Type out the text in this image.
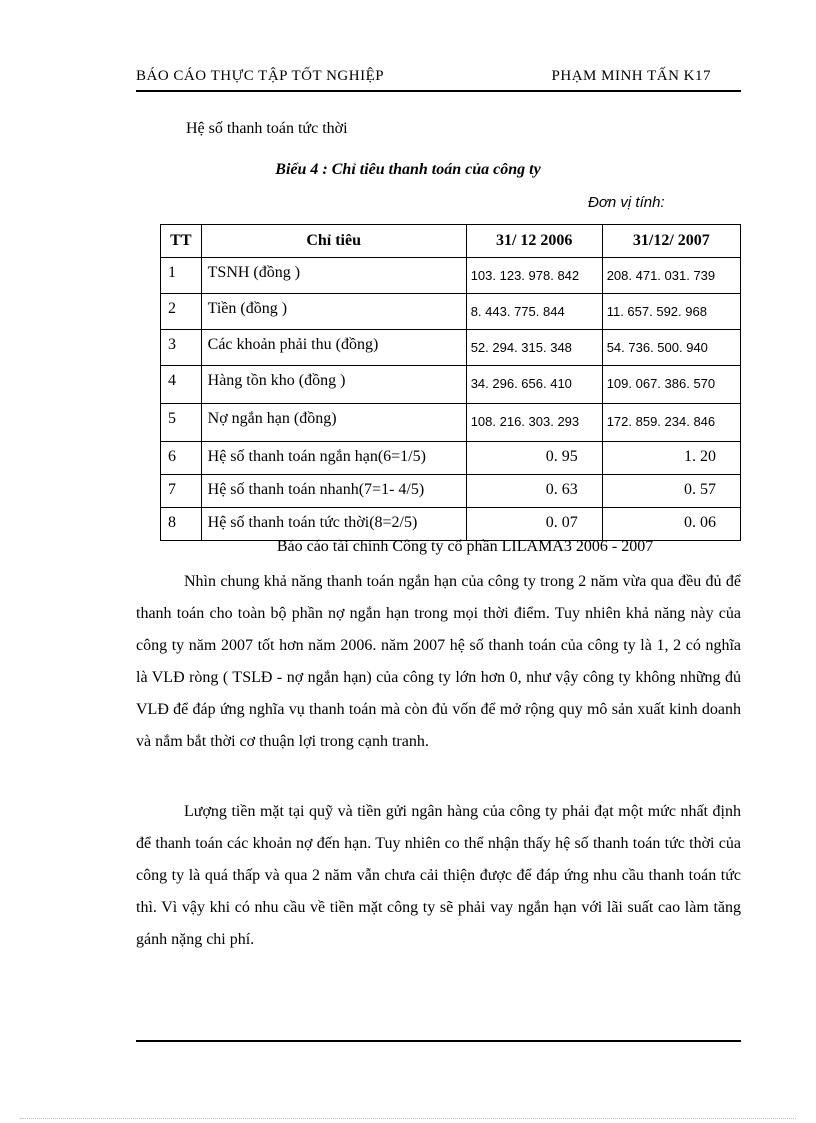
BÁO CÁO THỰC TẬP TỐT NGHIỆP	PHẠM MINH TẤN K17
Hệ số thanh toán tức thời
Biểu 4 : Chỉ tiêu thanh toán của công ty
Đơn vị tính:
TT	Chỉ tiêu	31/ 12 2006	31/12/ 2007
1	TSNH (đồng )	103. 123. 978. 842	208. 471. 031. 739
2	Tiền (đồng )	8. 443. 775. 844	11. 657. 592. 968
3	Các khoản phải thu (đồng)	52. 294. 315. 348	54. 736. 500. 940
4	Hàng tồn kho (đồng )	34. 296. 656. 410	109. 067. 386. 570
5	Nợ ngắn hạn (đồng)	108. 216. 303. 293	172. 859. 234. 846
6	Hệ số thanh toán ngắn hạn(6=1/5)	0. 95	1. 20
7	Hệ số thanh toán nhanh(7=1- 4/5)	0. 63	0. 57
8	Hệ số thanh toán tức thời(8=2/5)	0. 07	0. 06
Báo cáo tài chính Công ty cổ phần LILAMA3 2006 - 2007

Nhìn chung khả năng thanh toán ngắn hạn của công ty trong 2 năm vừa qua đều đủ để thanh toán cho toàn bộ phần nợ ngắn hạn trong mọi thời điểm. Tuy nhiên khả năng này của công ty năm 2007 tốt hơn năm 2006. năm 2007 hệ số thanh toán của công ty là 1, 2 có nghĩa là VLĐ ròng ( TSLĐ - nợ ngắn hạn) của công ty lớn hơn 0, như vậy công ty không những đủ VLĐ để đáp ứng nghĩa vụ thanh toán mà còn đủ vốn để mở rộng quy mô sản xuất kinh doanh và nắm bắt thời cơ thuận lợi trong cạnh tranh.

Lượng tiền mặt tại quỹ và tiền gửi ngân hàng của công ty phải đạt một mức nhất định để thanh toán các khoản nợ đến hạn. Tuy nhiên co thể nhận thấy hệ số thanh toán tức thời của công ty là quá thấp và qua 2 năm vẫn chưa cải thiện được để đáp ứng nhu cầu thanh toán tức thì. Vì vậy khi có nhu cầu về tiền mặt công ty sẽ phải vay ngắn hạn với lãi suất cao làm tăng gánh nặng chi phí.
